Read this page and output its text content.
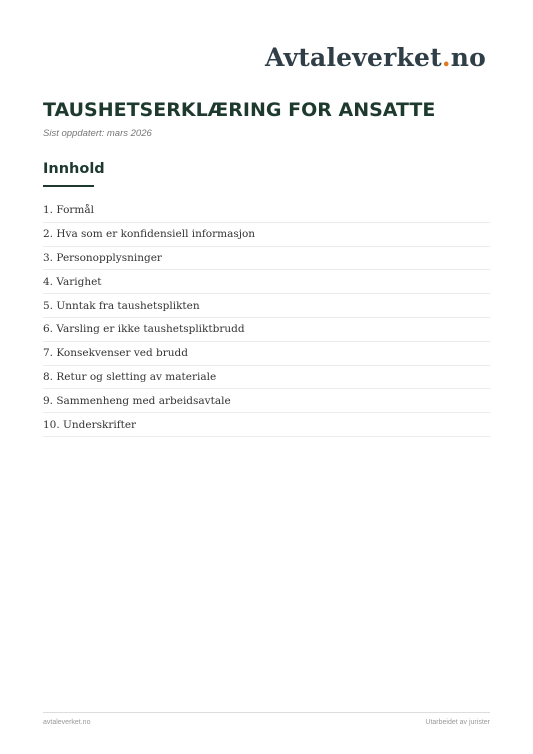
Avtaleverket.no
TAUSHETSERKLÆRING FOR ANSATTE
Sist oppdatert: mars 2026
Innhold
1. Formål
2. Hva som er konfidensiell informasjon
3. Personopplysninger
4. Varighet
5. Unntak fra taushetsplikten
6. Varsling er ikke taushetspliktbrudd
7. Konsekvenser ved brudd
8. Retur og sletting av materiale
9. Sammenheng med arbeidsavtale
10. Underskrifter
avtaleverket.no	Utarbeidet av jurister
